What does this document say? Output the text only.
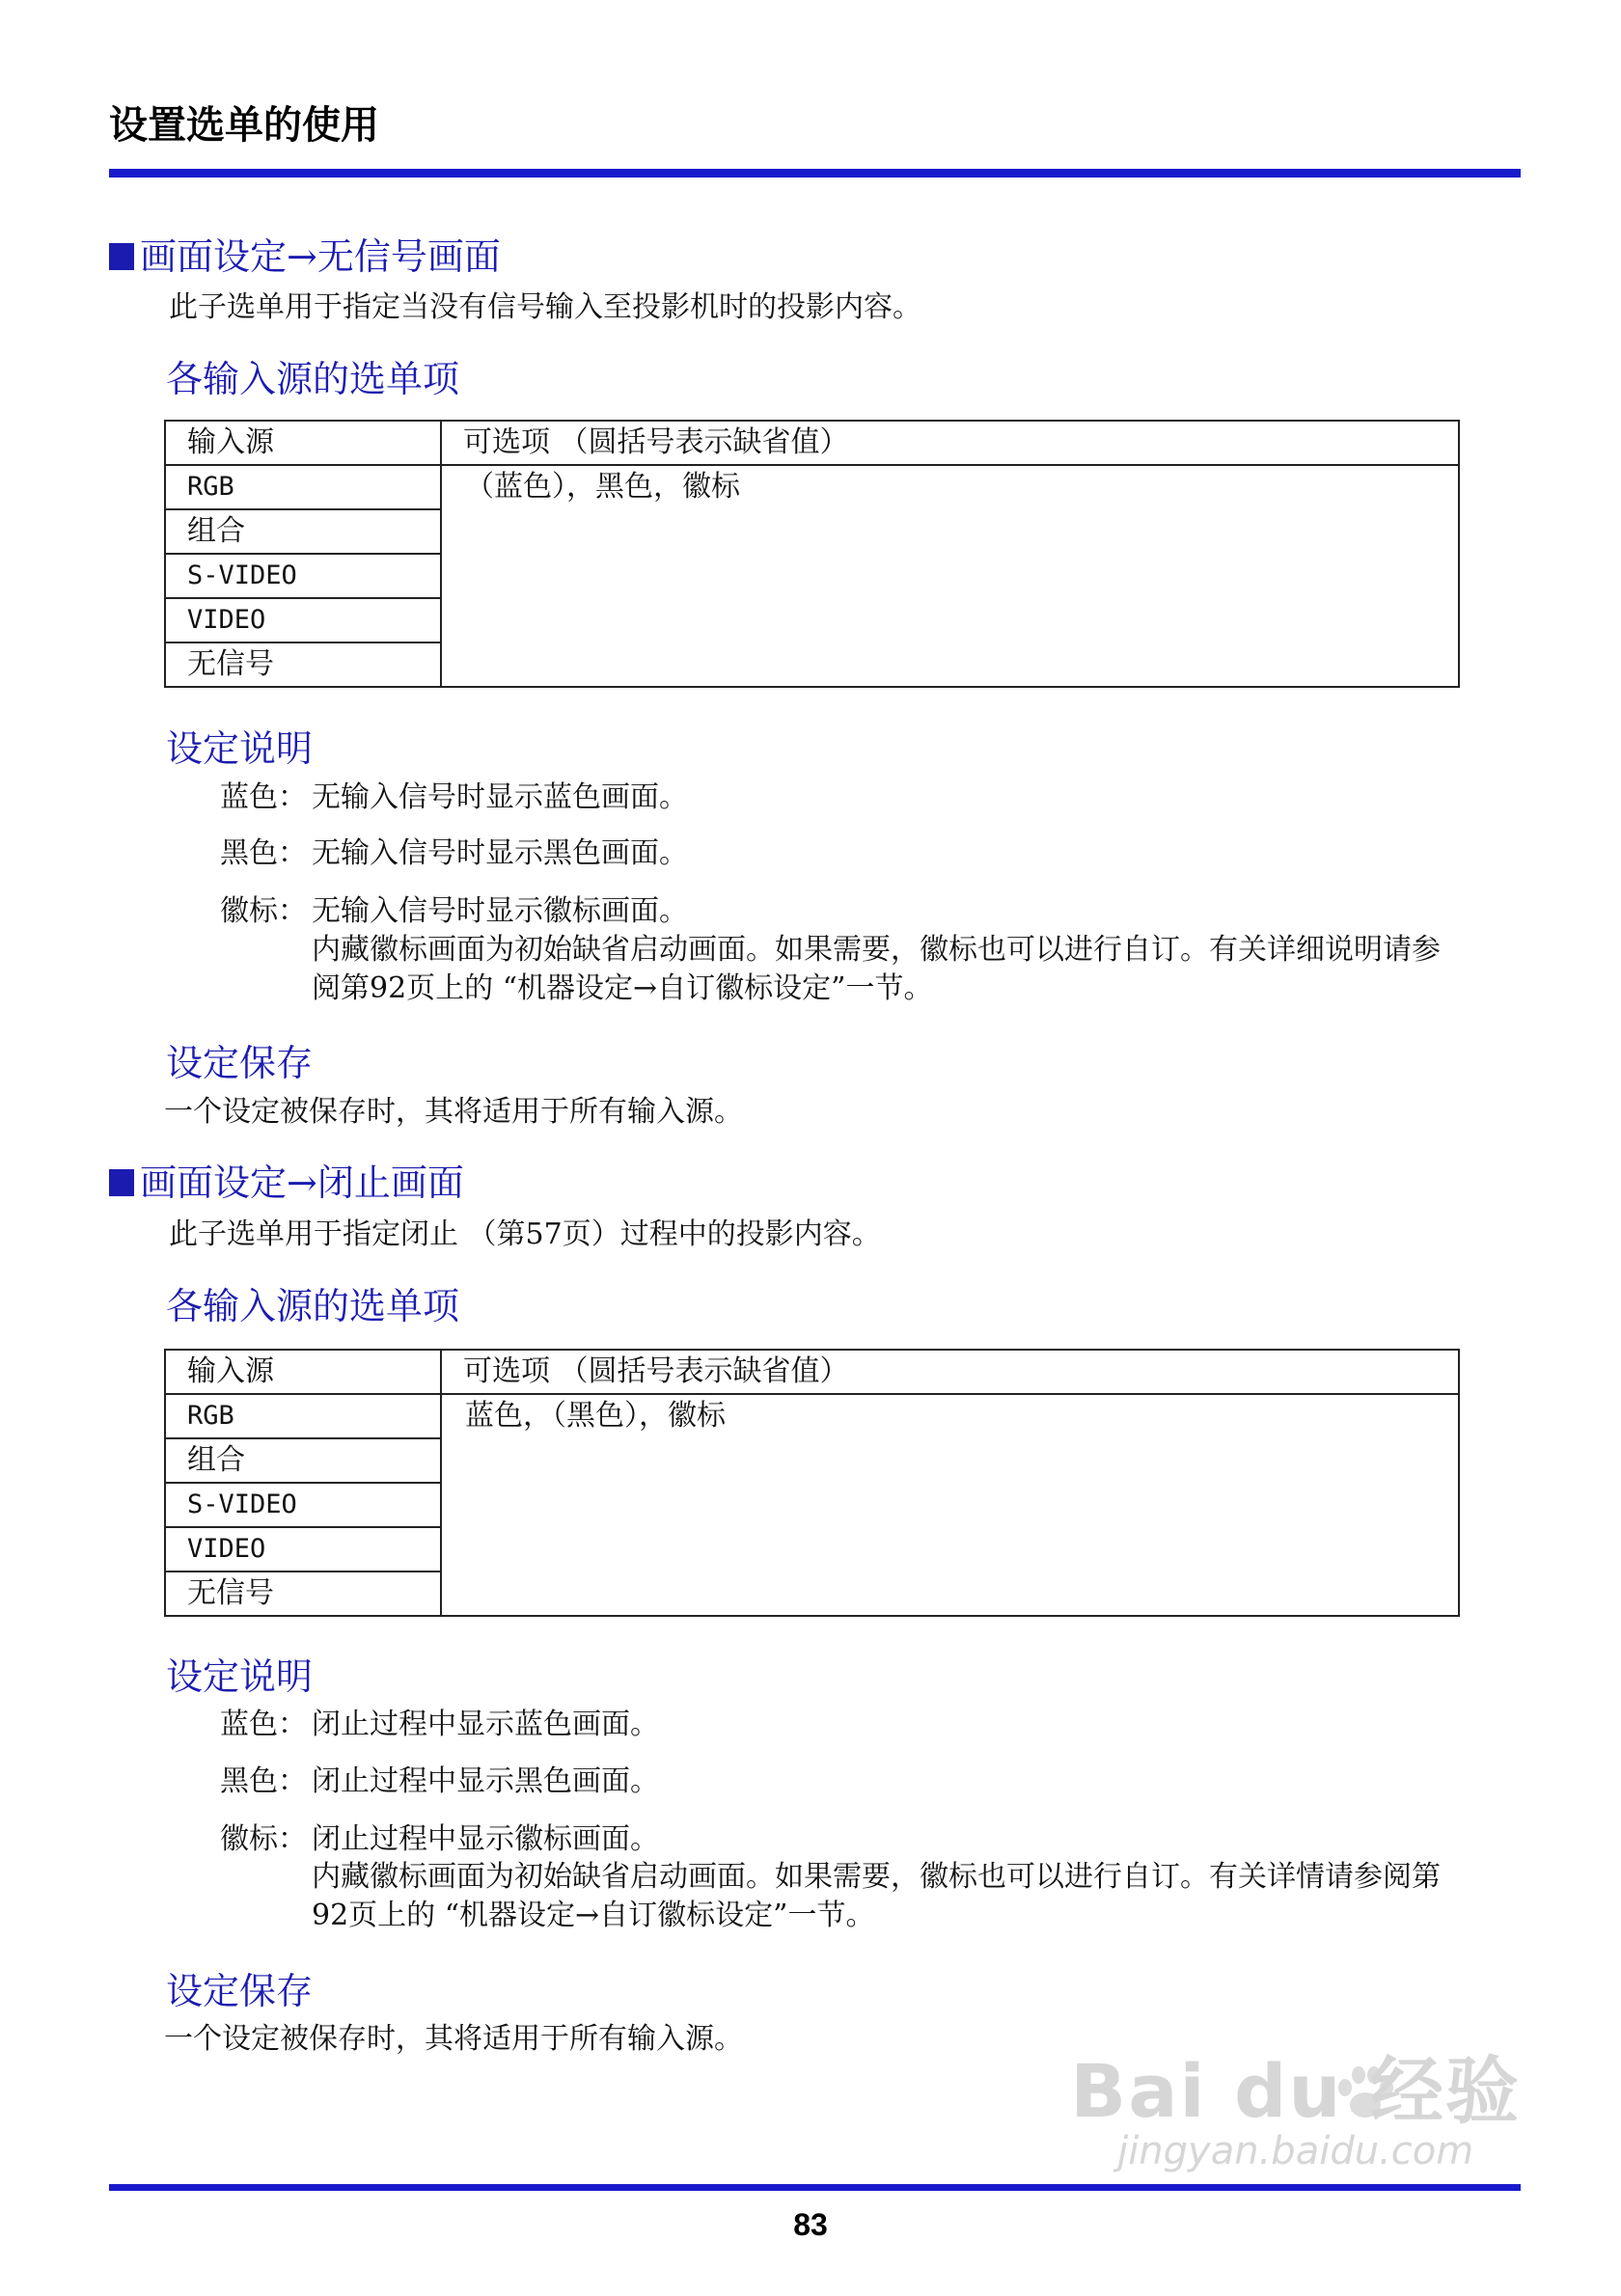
设置选单的使用
画面设定→无信号画面
此子选单用于指定当没有信号输入至投影机时的投影内容。
各输入源的选单项
输入源	可选项 （圆括号表示缺省值）
RGB	（蓝色），黑色，徽标
组合	
S-VIDEO	
VIDEO	
无信号	
设定说明
蓝色： 无输入信号时显示蓝色画面。
黑色： 无输入信号时显示黑色画面。
徽标： 无输入信号时显示徽标画面。
内藏徽标画面为初始缺省启动画面。如果需要，徽标也可以进行自订。有关详细说明请参
阅第92页上的 “机器设定→自订徽标设定”一节。
设定保存
一个设定被保存时，其将适用于所有输入源。
画面设定→闭止画面
此子选单用于指定闭止 （第57页）过程中的投影内容。
各输入源的选单项
输入源	可选项 （圆括号表示缺省值）
RGB	蓝色，（黑色），徽标
组合	
S-VIDEO	
VIDEO	
无信号	
设定说明
蓝色： 闭止过程中显示蓝色画面。
黑色： 闭止过程中显示黑色画面。
徽标： 闭止过程中显示徽标画面。
内藏徽标画面为初始缺省启动画面。如果需要，徽标也可以进行自订。有关详情请参阅第
92页上的 “机器设定→自订徽标设定”一节。
设定保存
一个设定被保存时，其将适用于所有输入源。
Bai du 经验
jingyan.baidu.com
83
